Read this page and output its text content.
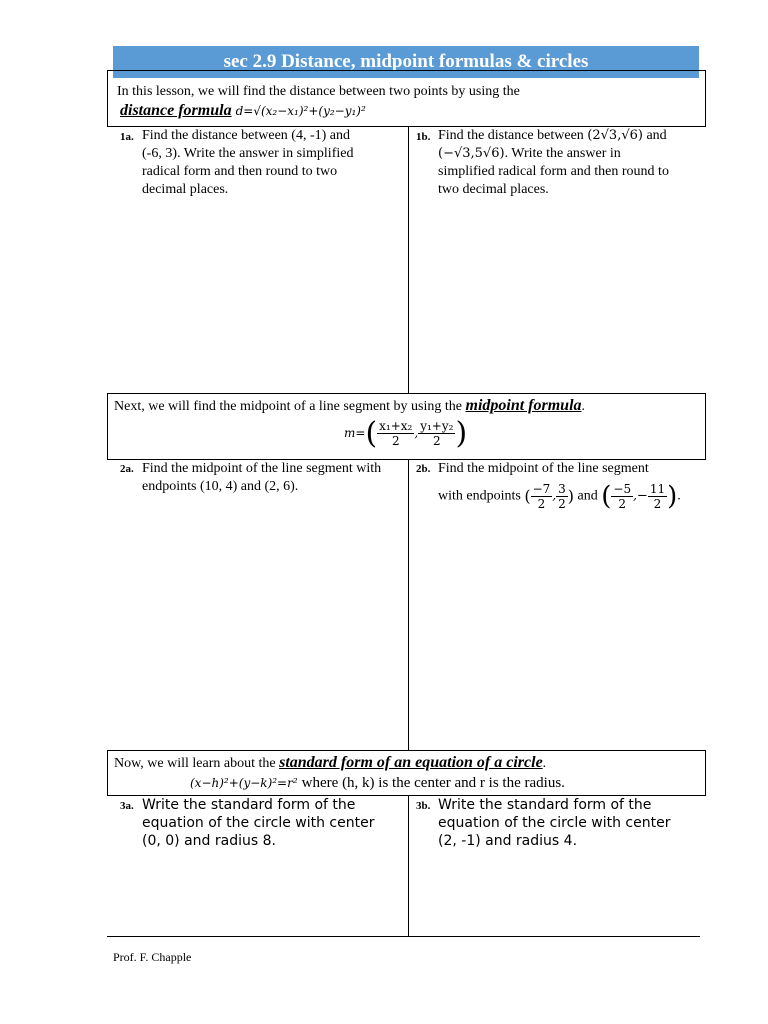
sec 2.9 Distance, midpoint formulas & circles
In this lesson, we will find the distance between two points by using the
distance formula d=√(x₂−x₁)²+(y₂−y₁)²
1a. Find the distance between (4, -1) and
(-6, 3). Write the answer in simplified
radical form and then round to two
decimal places.
1b. Find the distance between (2√3,√6) and
(−√3,5√6). Write the answer in
simplified radical form and then round to
two decimal places.
Next, we will find the midpoint of a line segment by using the midpoint formula.
$m=( \frac{\text{x₁+x₂}}{2}$ , $\frac{\text{y₁+y₂}}{2}$ )
2a. Find the midpoint of the line segment with
endpoints (10, 4) and (2, 6).
2b. Find the midpoint of the line segment
with endpoints ( $\frac{-7}{2}$ , $\frac{3}{2}$ ) and ( $\frac{-5}{2}$ ,− $\frac{11}{2}$ ).
Now, we will learn about the standard form of an equation of a circle.
(x−h)²+(y−k)²=r² where (h, k) is the center and r is the radius.
3a. Write the standard form of the
equation of the circle with center
(0, 0) and radius 8.
3b. Write the standard form of the
equation of the circle with center
(2, -1) and radius 4.
Prof. F. Chapple
